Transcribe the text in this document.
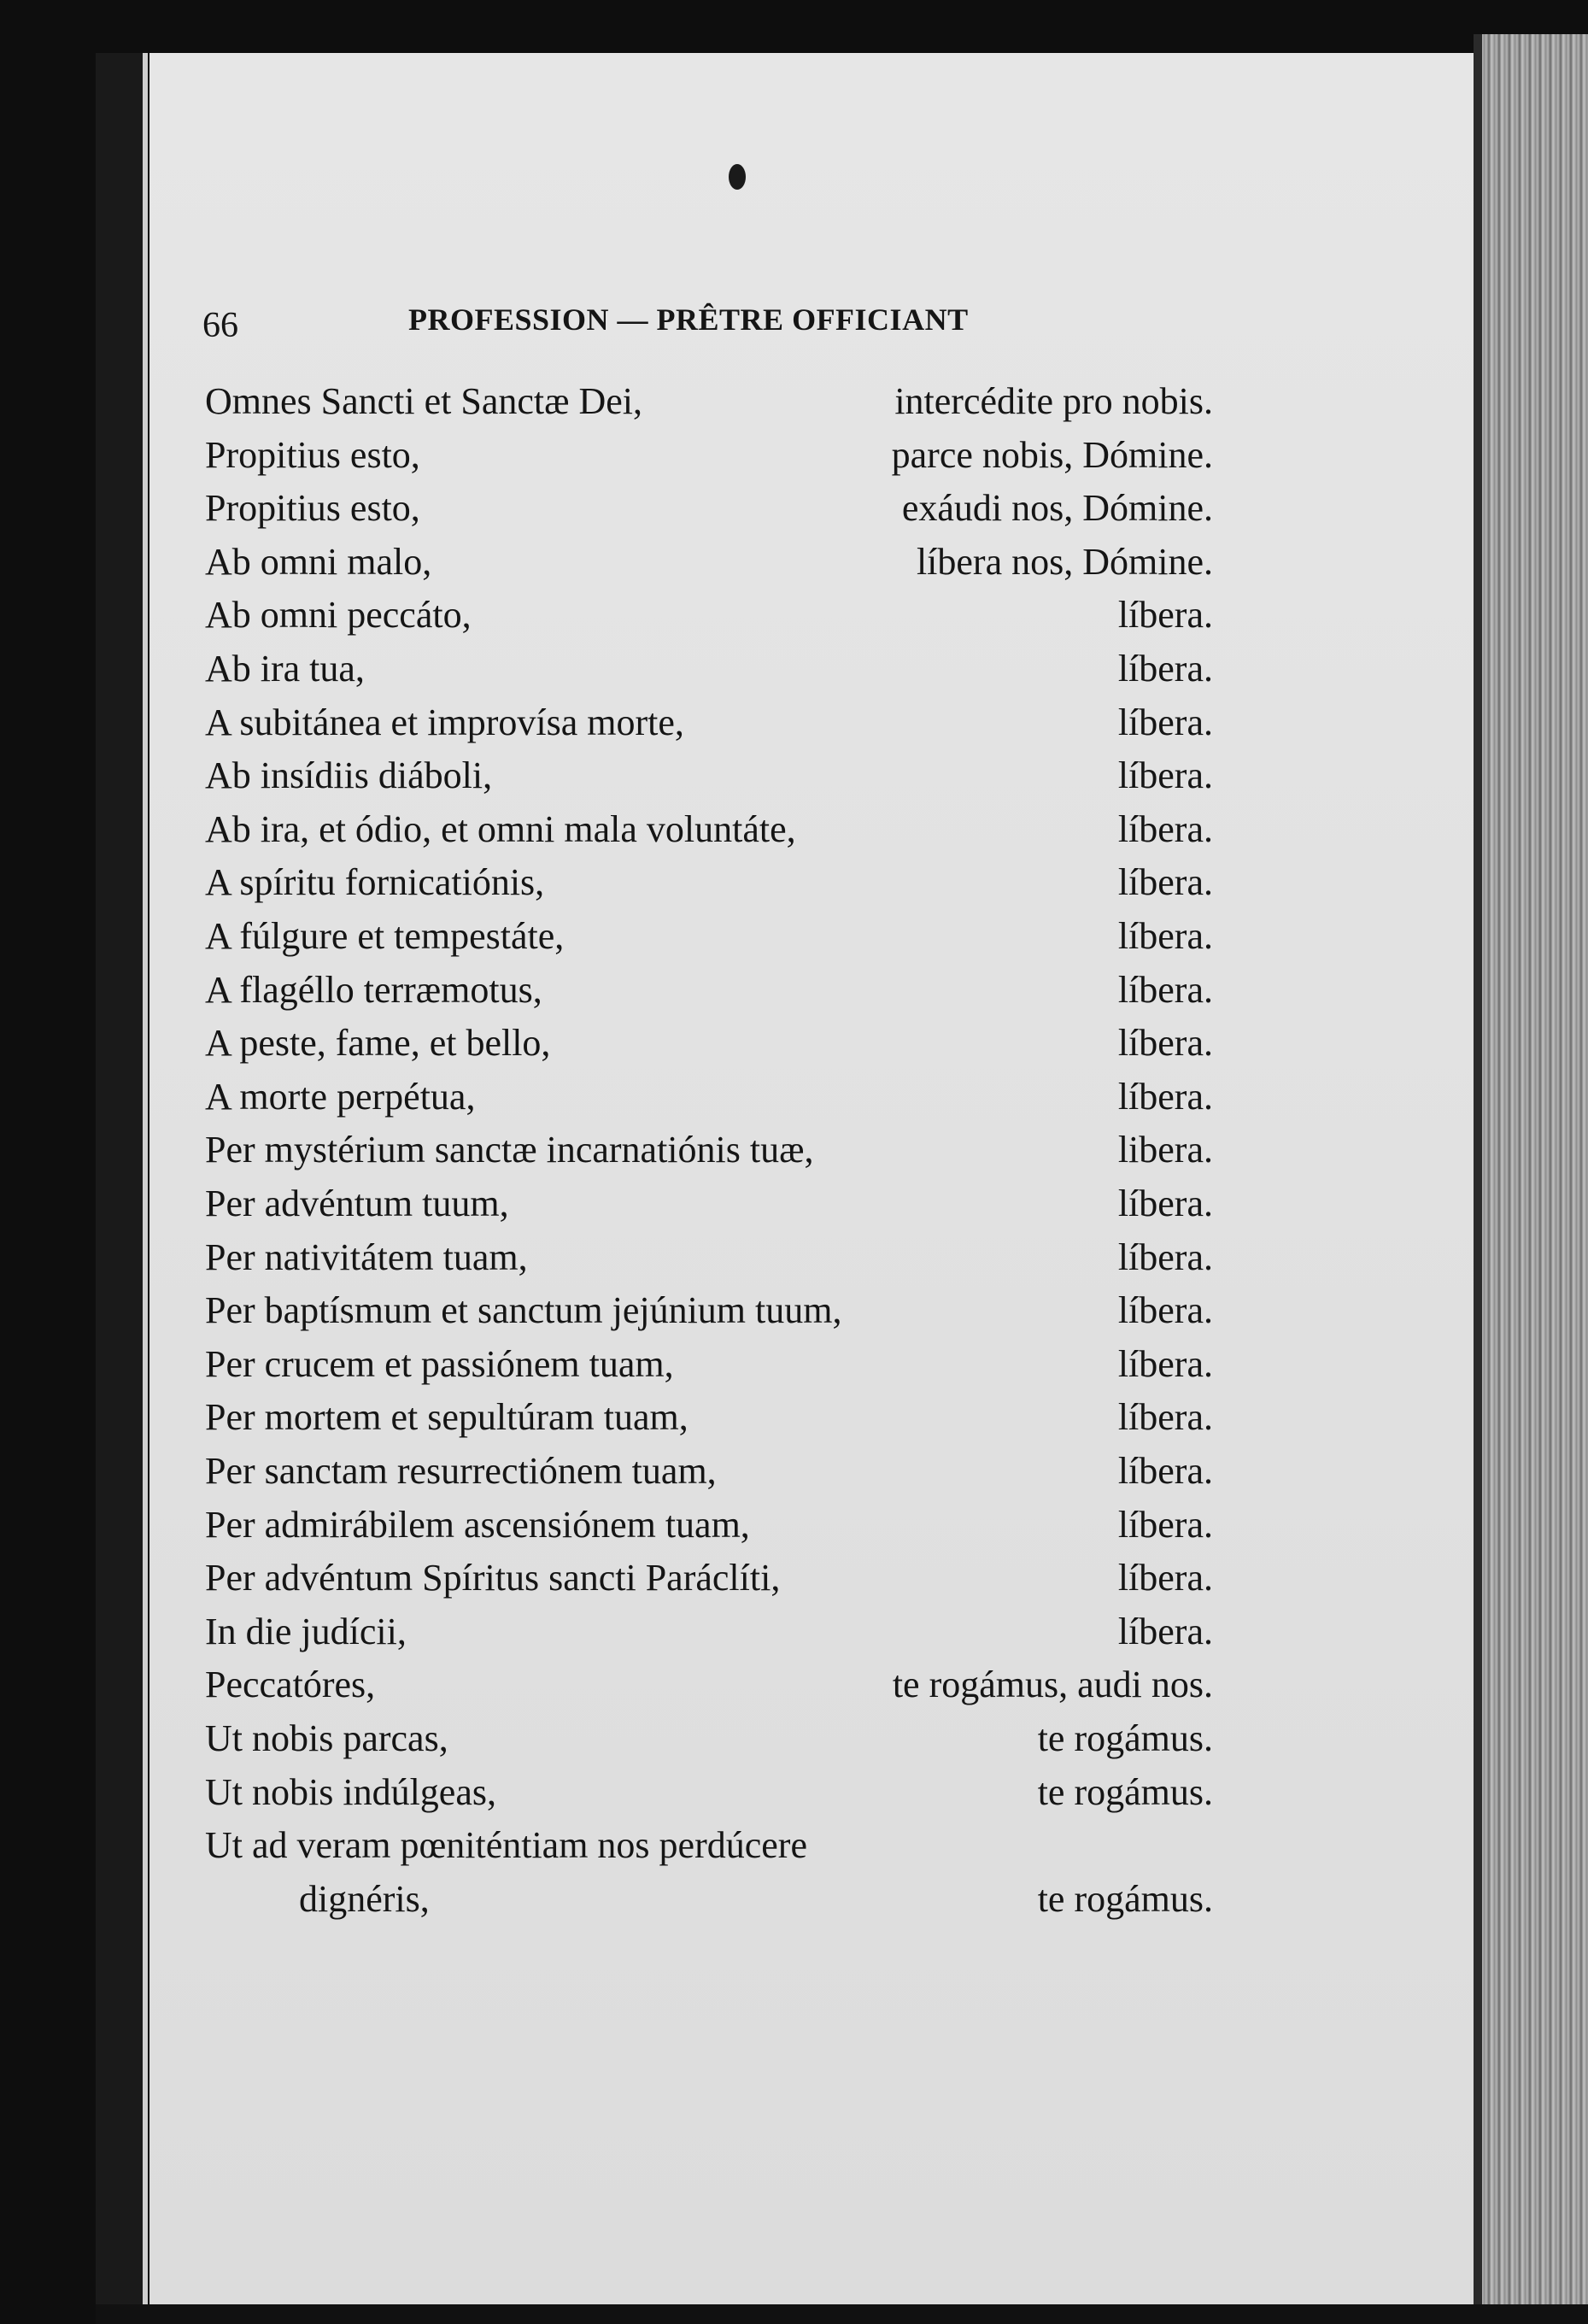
66	PROFESSION — PRÊTRE OFFICIANT
Omnes Sancti et Sanctæ Dei,	intercédite pro nobis.
Propitius esto,	parce nobis, Dómine.
Propitius esto,	exáudi nos, Dómine.
Ab omni malo,	líbera nos, Dómine.
Ab omni peccáto,	líbera.
Ab ira tua,	líbera.
A subitánea et improvísa morte,	líbera.
Ab insídiis diáboli,	líbera.
Ab ira, et ódio, et omni mala voluntáte,	líbera.
A spíritu fornicatiónis,	líbera.
A fúlgure et tempestáte,	líbera.
A flagéllo terræmotus,	líbera.
A peste, fame, et bello,	líbera.
A morte perpétua,	líbera.
Per mystérium sanctæ incarnatiónis tuæ,	libera.
Per advéntum tuum,	líbera.
Per nativitátem tuam,	líbera.
Per baptísmum et sanctum jejúnium tuum,	líbera.
Per crucem et passiónem tuam,	líbera.
Per mortem et sepultúram tuam,	líbera.
Per sanctam resurrectiónem tuam,	líbera.
Per admirábilem ascensiónem tuam,	líbera.
Per advéntum Spíritus sancti Paráclíti,	líbera.
In die judícii,	líbera.
Peccatóres,	te rogámus, audi nos.
Ut nobis parcas,	te rogámus.
Ut nobis indúlgeas,	te rogámus.
Ut ad veram pœniténtiam nos perdúcere
dignéris,	te rogámus.
